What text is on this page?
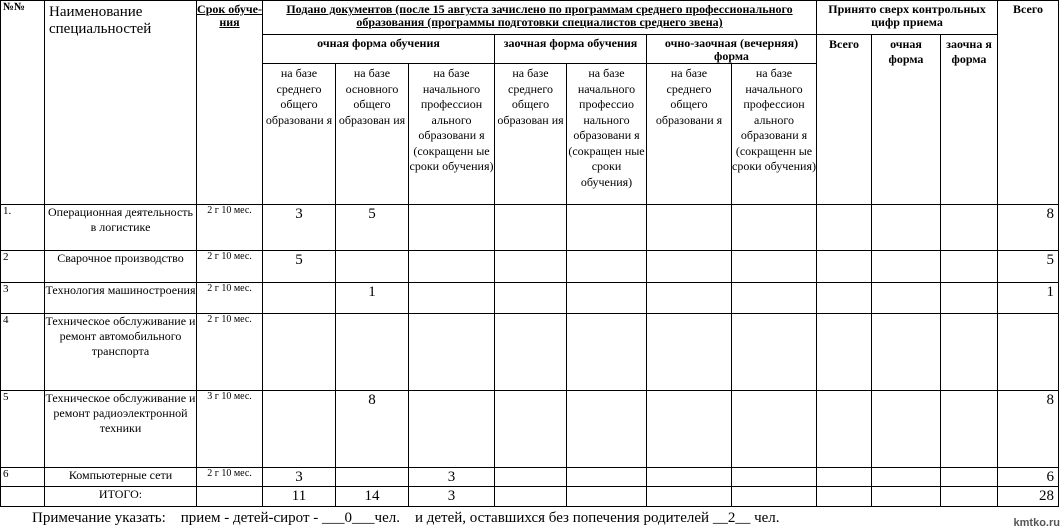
№№	Наименование специальностей	Срок обуче-ния	Подано документов (после 15 августа зачислено по программам среднего профессионального образования (программы подготовки специалистов среднего звена)							Принято сверх контрольных цифр приема			Всего
			очная форма обучения			заочная форма обучения		очно-заочная (вечерняя) форма		Всего	очная форма	заочна я форма	
			на базе среднего общего образовани я	на базе основного общего образован ия	на базе начального профессион ального образовани я (сокращенн ые сроки обучения)	на базе среднего общего образован ия	на базе начального профессио нального образовани я (сокращен ные сроки обучения)	на базе среднего общего образовани я	на базе начального профессион ального образовани я (сокращенн ые сроки обучения)				
1.	Операционная деятельность в логистике	2 г 10 мес.	3	5									8
2	Сварочное производство	2 г 10 мес.	5										5
3	Технология машиностроения	2 г 10 мес.		1									1
4	Техническое обслуживание и ремонт автомобильного транспорта	2 г 10 мес.											
5	Техническое обслуживание и ремонт радиоэлектронной техники	3 г 10 мес.		8									8
6	Компьютерные сети	2 г 10 мес.	3		3								6
	ИТОГО:		11	14	3								28
Примечание указать:    прием - детей-сирот - ___0___чел.    и детей, оставшихся без попечения родителей __2__ чел.	kmtko.ru
